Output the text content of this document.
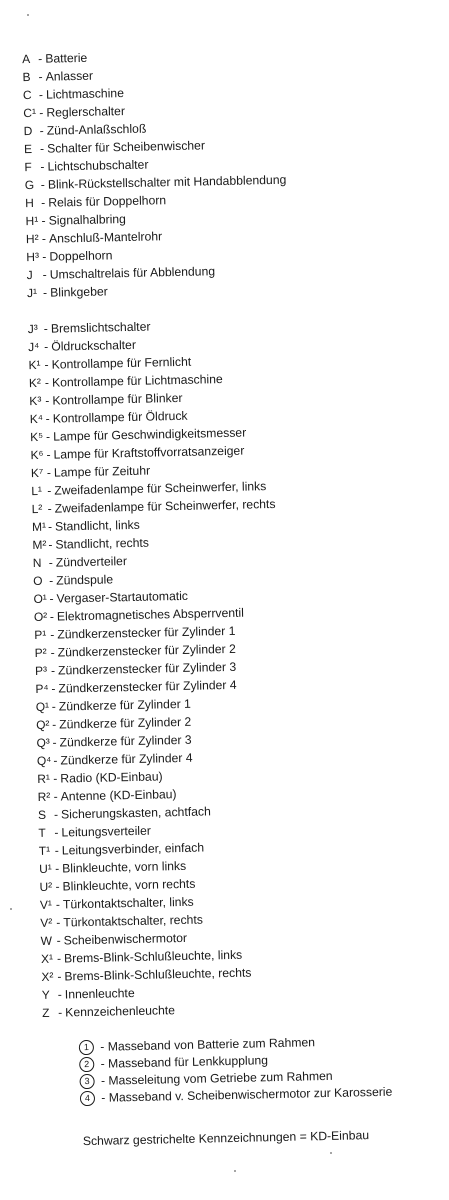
A - Batterie
B - Anlasser
C - Lichtmaschine
C¹ - Reglerschalter
D - Zünd-Anlaßschloß
E - Schalter für Scheibenwischer
F - Lichtschubschalter
G - Blink-Rückstellschalter mit Handabblendung
H - Relais für Doppelhorn
H¹ - Signalhalbring
H² - Anschluß-Mantelrohr
H³ - Doppelhorn
J - Umschaltrelais für Abblendung
J¹ - Blinkgeber
J³ - Bremslichtschalter
J⁴ - Öldruckschalter
K¹ - Kontrollampe für Fernlicht
K² - Kontrollampe für Lichtmaschine
K³ - Kontrollampe für Blinker
K⁴ - Kontrollampe für Öldruck
K⁵ - Lampe für Geschwindigkeitsmesser
K⁶ - Lampe für Kraftstoffvorratsanzeiger
K⁷ - Lampe für Zeituhr
L¹ - Zweifadenlampe für Scheinwerfer, links
L² - Zweifadenlampe für Scheinwerfer, rechts
M¹ - Standlicht, links
M² - Standlicht, rechts
N - Zündverteiler
O - Zündspule
O¹ - Vergaser-Startautomatic
O² - Elektromagnetisches Absperrventil
P¹ - Zündkerzenstecker für Zylinder 1
P² - Zündkerzenstecker für Zylinder 2
P³ - Zündkerzenstecker für Zylinder 3
P⁴ - Zündkerzenstecker für Zylinder 4
Q¹ - Zündkerze für Zylinder 1
Q² - Zündkerze für Zylinder 2
Q³ - Zündkerze für Zylinder 3
Q⁴ - Zündkerze für Zylinder 4
R¹ - Radio (KD-Einbau)
R² - Antenne (KD-Einbau)
S - Sicherungskasten, achtfach
T - Leitungsverteiler
T¹ - Leitungsverbinder, einfach
U¹ - Blinkleuchte, vorn links
U² - Blinkleuchte, vorn rechts
V¹ - Türkontaktschalter, links
V² - Türkontaktschalter, rechts
W - Scheibenwischermotor
X¹ - Brems-Blink-Schlußleuchte, links
X² - Brems-Blink-Schlußleuchte, rechts
Y - Innenleuchte
Z - Kennzeichenleuchte
1 - Masseband von Batterie zum Rahmen
2 - Masseband für Lenkkupplung
3 - Masseleitung vom Getriebe zum Rahmen
4 - Masseband v. Scheibenwischermotor zur Karosserie
Schwarz gestrichelte Kennzeichnungen = KD-Einbau
